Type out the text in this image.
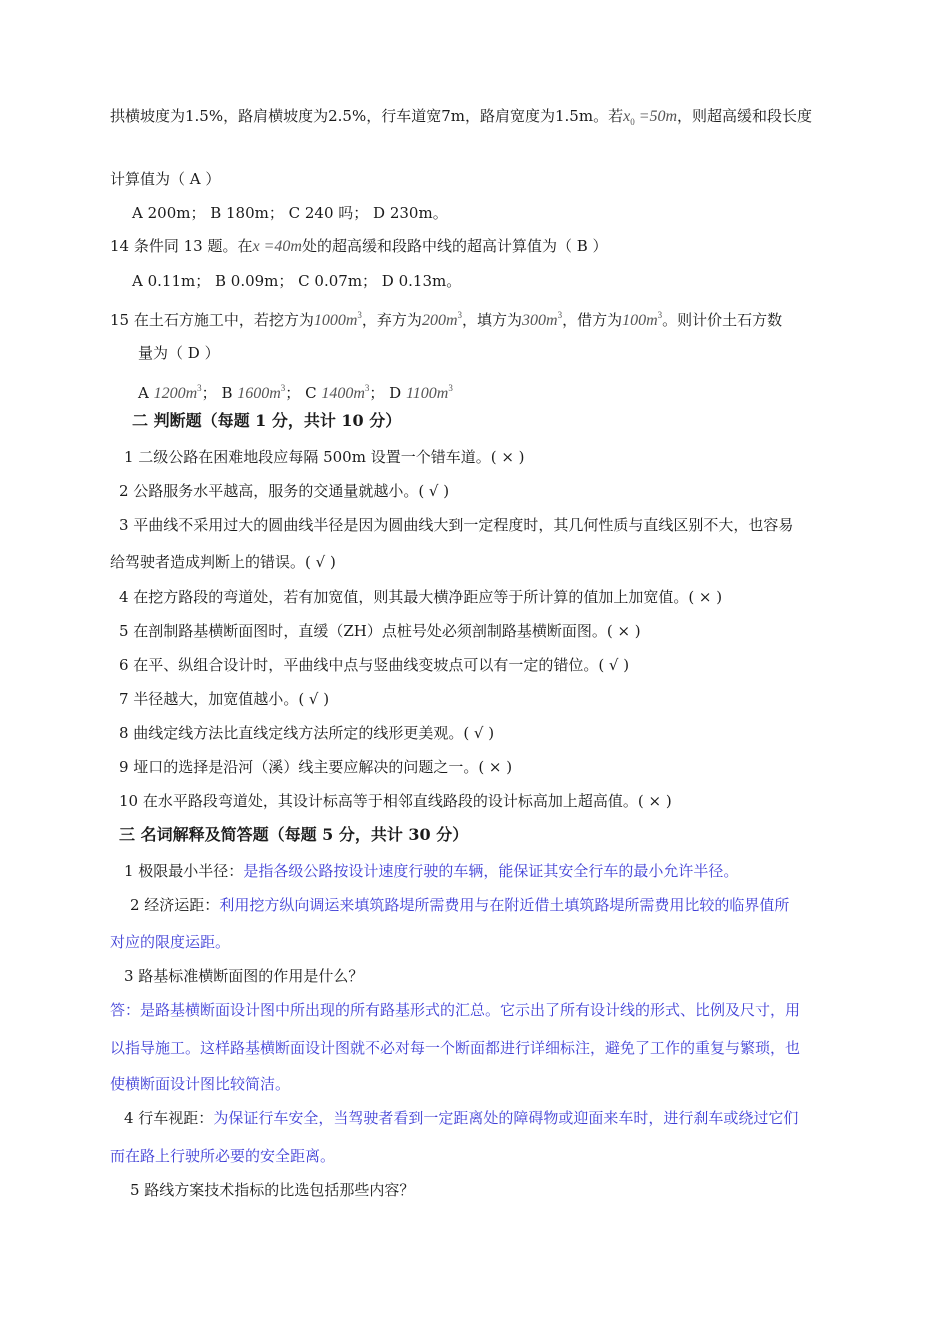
拱横坡度为1.5%，路肩横坡度为2.5%，行车道宽7m，路肩宽度为1.5m。若$x_0 =50m$，则超高缓和段长度
计算值为（ A ）
A 200m； B 180m； C 240 吗； D 230m。
14 条件同 13 题。在x =40m处的超高缓和段路中线的超高计算值为（ B ）
A 0.11m； B 0.09m； C 0.07m； D 0.13m。
15 在土石方施工中，若挖方为$1000m^3$，弃方为$200m^3$，填方为$300m^3$，借方为$100m^3$。则计价土石方数
量为（ D ）
A $1200m^3$； B $1600m^3$； C $1400m^3$； D $1100m^3$
二 判断题（每题 1 分，共计 10 分）
1 二级公路在困难地段应每隔 500m 设置一个错车道。( × )
2 公路服务水平越高，服务的交通量就越小。( √ )
3 平曲线不采用过大的圆曲线半径是因为圆曲线大到一定程度时，其几何性质与直线区别不大，也容易
给驾驶者造成判断上的错误。( √ )
4 在挖方路段的弯道处，若有加宽值，则其最大横净距应等于所计算的值加上加宽值。( × )
5 在剖制路基横断面图时，直缓（ZH）点桩号处必须剖制路基横断面图。( × )
6 在平、纵组合设计时，平曲线中点与竖曲线变坡点可以有一定的错位。( √ )
7 半径越大，加宽值越小。( √ )
8 曲线定线方法比直线定线方法所定的线形更美观。( √ )
9 垭口的选择是沿河（溪）线主要应解决的问题之一。( × )
10 在水平路段弯道处，其设计标高等于相邻直线路段的设计标高加上超高值。( × )
三 名词解释及简答题（每题 5 分，共计 30 分）
1 极限最小半径：是指各级公路按设计速度行驶的车辆，能保证其安全行车的最小允许半径。
2 经济运距：利用挖方纵向调运来填筑路堤所需费用与在附近借土填筑路堤所需费用比较的临界值所
对应的限度运距。
3 路基标准横断面图的作用是什么？
答：是路基横断面设计图中所出现的所有路基形式的汇总。它示出了所有设计线的形式、比例及尺寸，用
以指导施工。这样路基横断面设计图就不必对每一个断面都进行详细标注，避免了工作的重复与繁琐，也
使横断面设计图比较简洁。
4 行车视距：为保证行车安全，当驾驶者看到一定距离处的障碍物或迎面来车时，进行刹车或绕过它们
而在路上行驶所必要的安全距离。
5 路线方案技术指标的比选包括那些内容？
